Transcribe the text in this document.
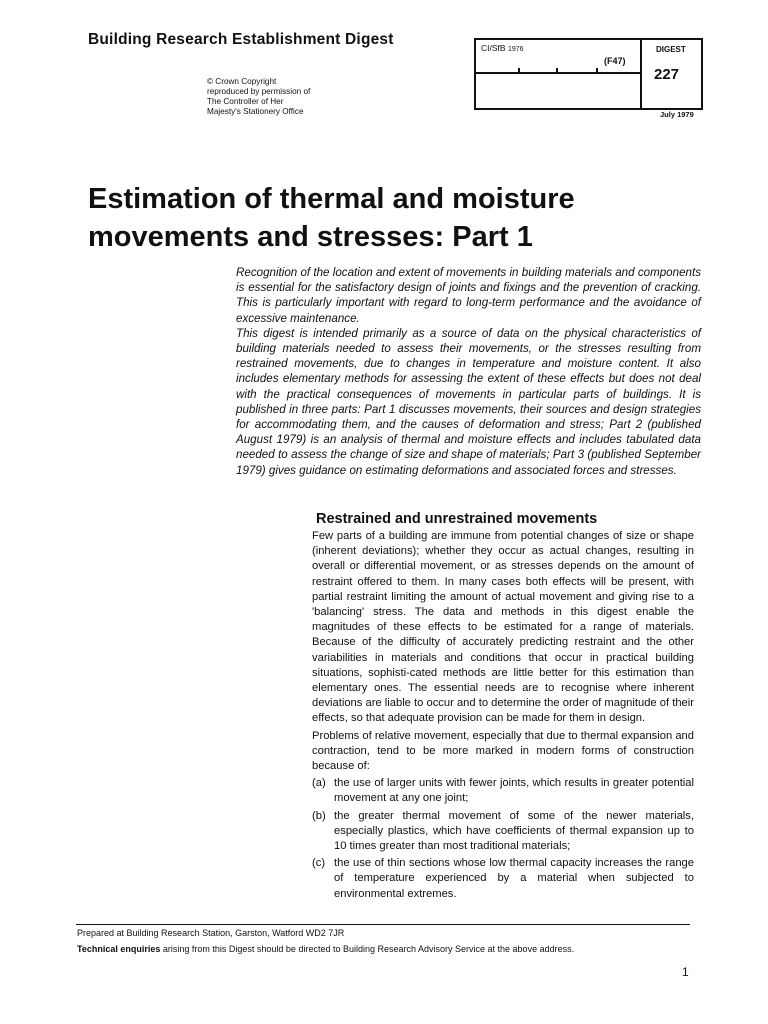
Building Research Establishment Digest
© Crown Copyright
reproduced by permission of
The Controller of Her
Majesty's Stationery Office
CI/SfB 1976
(F47)
DIGEST
227
July 1979
Estimation of thermal and moisture
movements and stresses: Part 1

Recognition of the location and extent of movements in building materials and components is essential for the satisfactory design of joints and fixings and the prevention of cracking. This is particularly important with regard to long-term performance and the avoidance of excessive maintenance.

This digest is intended primarily as a source of data on the physical characteristics of building materials needed to assess their movements, or the stresses resulting from restrained movements, due to changes in temperature and moisture content. It also includes elementary methods for assessing the extent of these effects but does not deal with the practical consequences of movements in particular parts of buildings. It is published in three parts: Part 1 discusses movements, their sources and design strategies for accommodating them, and the causes of deformation and stress; Part 2 (published August 1979) is an analysis of thermal and moisture effects and includes tabulated data needed to assess the change of size and shape of materials; Part 3 (published September 1979) gives guidance on estimating deformations and associated forces and stresses.

Restrained and unrestrained movements

Few parts of a building are immune from potential changes of size or shape (inherent deviations); whether they occur as actual changes, resulting in overall or differential movement, or as stresses depends on the amount of restraint offered to them. In many cases both effects will be present, with partial restraint limiting the amount of actual movement and giving rise to a 'balancing' stress. The data and methods in this digest enable the magnitudes of these effects to be estimated for a range of materials. Because of the difficulty of accurately predicting restraint and the other variabilities in materials and conditions that occur in practical building situations, sophisti-cated methods are little better for this estimation than elementary ones. The essential needs are to recognise where inherent deviations are liable to occur and to determine the order of magnitude of their effects, so that adequate provision can be made for them in design.

Problems of relative movement, especially that due to thermal expansion and contraction, tend to be more marked in modern forms of construction because of:

(a) the use of larger units with fewer joints, which results in greater potential movement at any one joint;
(b) the greater thermal movement of some of the newer materials, especially plastics, which have coefficients of thermal expansion up to 10 times greater than most traditional materials;
(c) the use of thin sections whose low thermal capacity increases the range of temperature experienced by a material when subjected to environmental extremes.
Prepared at Building Research Station, Garston, Watford WD2 7JR
Technical enquiries arising from this Digest should be directed to Building Research Advisory Service at the above address.
1
